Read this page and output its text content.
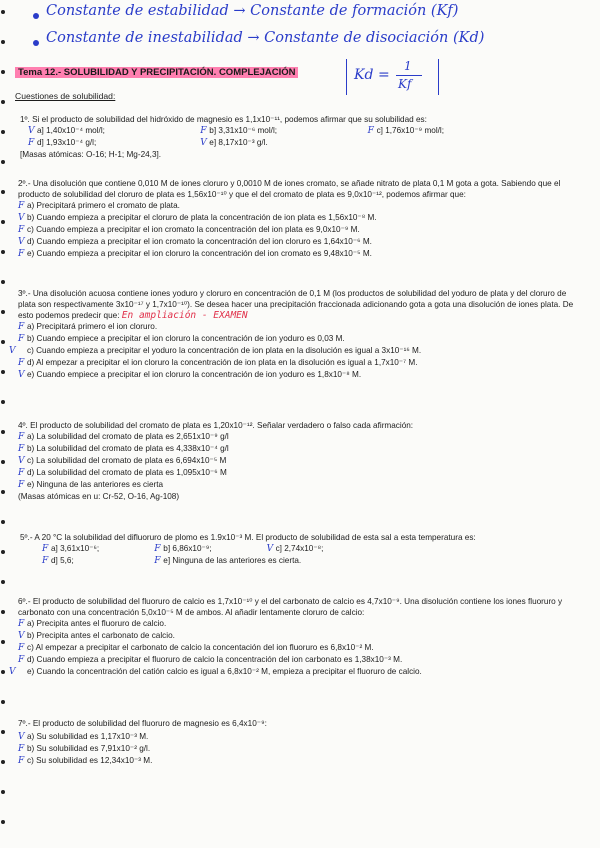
Constante de estabilidad → Constante de formación (Kf)
Constante de inestabilidad → Constante de disociación (Kd)
Kd =
1
Kf
Tema 12.- SOLUBILIDAD Y PRECIPITACIÓN. COMPLEJACIÓN
Cuestiones de solubilidad:

1º. Si el producto de solubilidad del hidróxido de magnesio es 1,1x10⁻¹¹, podemos afirmar que su solubilidad es:

V a] 1,40x10⁻⁴ mol/l;	F b] 3,31x10⁻⁶ mol/l;	F c] 1,76x10⁻⁹ mol/l;
F d] 1,93x10⁻⁴ g/l;	V e] 8,17x10⁻³ g/l.

[Masas atómicas: O-16; H-1; Mg-24,3].

2º.- Una disolución que contiene 0,010 M de iones cloruro y 0,0010 M de iones cromato, se añade nitrato de plata 0,1 M gota a gota. Sabiendo que el producto de solubilidad del cloruro de plata es 1,56x10⁻¹⁰ y que el del cromato de plata es 9,0x10⁻¹², podemos afirmar que:

F a) Precipitará primero el cromato de plata.
V b) Cuando empieza a precipitar el cloruro de plata la concentración de ion plata es 1,56x10⁻⁸ M.
F c) Cuando empieza a precipitar el ion cromato la concentración del ion plata es 9,0x10⁻⁹ M.
V d) Cuando empieza a precipitar el ion cromato la concentración del ion cloruro es 1,64x10⁻⁶ M.
F e) Cuando empieza a precipitar el ion cloruro la concentración del ion cromato es 9,48x10⁻⁵ M.

3º.- Una disolución acuosa contiene iones yoduro y cloruro en concentración de 0,1 M (los productos de solubilidad del yoduro de plata y del cloruro de plata son respectivamente 3x10⁻¹⁷ y 1,7x10⁻¹⁰). Se desea hacer una precipitación fraccionada adicionando gota a gota una disolución de iones plata. De esto podemos predecir que: En ampliación - EXAMEN

F a) Precipitará primero el ion cloruro.
F b) Cuando empiece a precipitar el ion cloruro la concentración de ion yoduro es 0,03 M.
V c) Cuando empieza a precipitar el yoduro la concentración de ion plata en la disolución es igual a 3x10⁻¹⁶ M.
F d) Al empezar a precipitar el ion cloruro la concentración de ion plata en la disolución es igual a 1,7x10⁻⁷ M.
V e) Cuando empiece a precipitar el ion cloruro la concentración de ion yoduro es 1,8x10⁻⁸ M.

4º. El producto de solubilidad del cromato de plata es 1,20x10⁻¹². Señalar verdadero o falso cada afirmación:

F a) La solubilidad del cromato de plata es 2,651x10⁻⁹ g/l
F b) La solubilidad del cromato de plata es 4,338x10⁻⁴ g/l
V c) La solubilidad del cromato de plata es 6,694x10⁻⁵ M
F d) La solubilidad del cromato de plata es 1,095x10⁻⁶ M
F e) Ninguna de las anteriores es cierta

(Masas atómicas en u: Cr-52, O-16, Ag-108)

5º.- A 20 °C la solubilidad del difluoruro de plomo es 1.9x10⁻³ M. El producto de solubilidad de esta sal a esta temperatura es:

F a] 3,61x10⁻⁶;	F b] 6,86x10⁻⁹;	V c] 2,74x10⁻⁸;
F d] 5,6;	F e] Ninguna de las anteriores es cierta.

6º.- El producto de solubilidad del fluoruro de calcio es 1,7x10⁻¹⁰ y el del carbonato de calcio es 4,7x10⁻⁹. Una disolución contiene los iones fluoruro y carbonato con una concentración 5,0x10⁻⁵ M de ambos. Al añadir lentamente cloruro de calcio:

F a) Precipita antes el fluoruro de calcio.
V b) Precipita antes el carbonato de calcio.
F c) Al empezar a precipitar el carbonato de calcio la concentación del ion fluoruro es 6,8x10⁻² M.
F d) Cuando empieza a precipitar el fluoruro de calcio la concentración del ion carbonato es 1,38x10⁻³ M.
V e) Cuando la concentración del catión calcio es igual a 6,8x10⁻² M, empieza a precipitar el fluoruro de calcio.

7º.- El producto de solubilidad del fluoruro de magnesio es 6,4x10⁻⁹:

V a) Su solubilidad es 1,17x10⁻³ M.
F b) Su solubilidad es 7,91x10⁻² g/l.
F c) Su solubilidad es 12,34x10⁻³ M.
